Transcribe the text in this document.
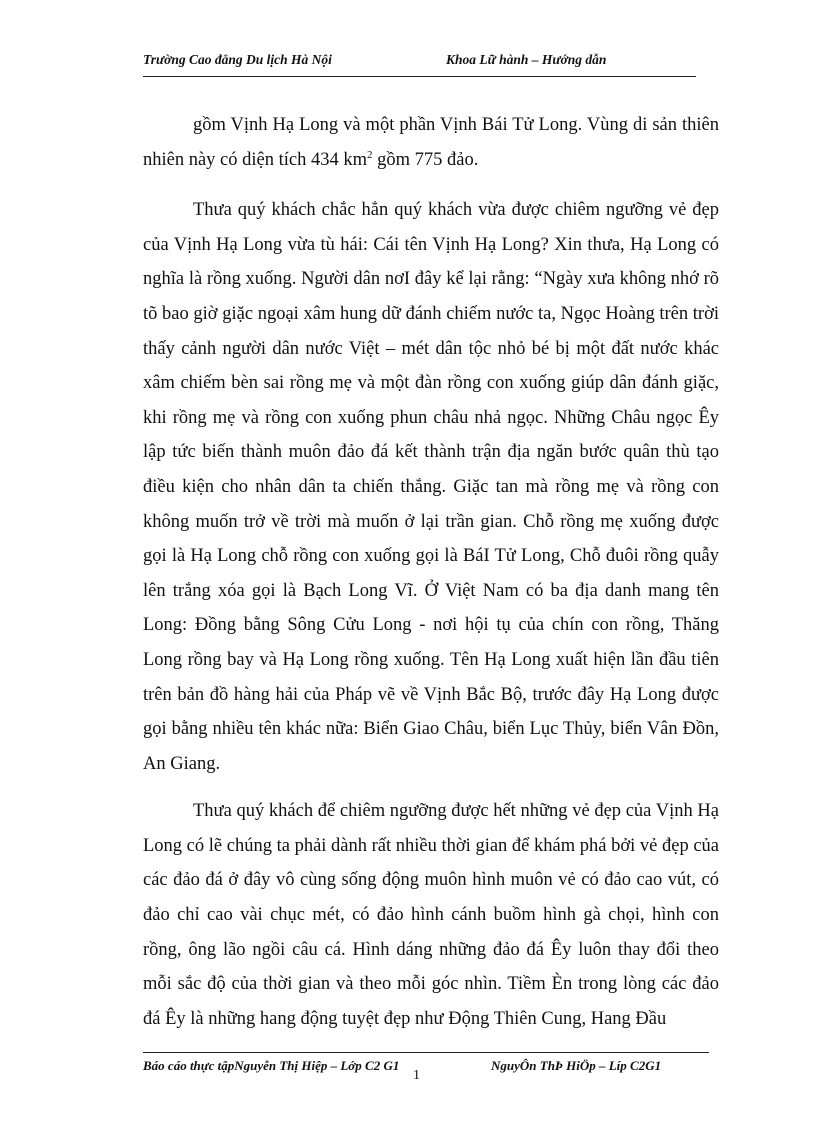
Trường Cao đẳng Du lịch Hà Nội	Khoa Lữ hành – Hướng dẫn

gồm Vịnh Hạ Long và một phần Vịnh Bái Tử Long. Vùng di sản thiên nhiên này có diện tích 434 $km^2$ gồm 775 đảo.

Thưa quý khách chắc hẳn quý khách vừa được chiêm ngưỡng vẻ đẹp của Vịnh Hạ Long vừa tù hái: Cái tên Vịnh Hạ Long? Xin thưa, Hạ Long có nghĩa là rồng xuống. Người dân nơI đây kể lại rằng: “Ngày xưa không nhớ rõ tõ bao giờ giặc ngoại xâm hung dữ đánh chiếm nước ta, Ngọc Hoàng trên trời thấy cảnh người dân nước Việt – mét dân tộc nhỏ bé bị một đất nước khác xâm chiếm bèn sai rồng mẹ và một đàn rồng con xuống giúp dân đánh giặc, khi rồng mẹ và rồng con xuống phun châu nhả ngọc. Những Châu ngọc Êy lập tức biến thành muôn đảo đá kết thành trận địa ngăn bước quân thù tạo điều kiện cho nhân dân ta chiến thắng. Giặc tan mà rồng mẹ và rồng con không muốn trở về trời mà muốn ở lại trần gian. Chỗ rồng mẹ xuống được gọi là Hạ Long chỗ rồng con xuống gọi là BáI Tử Long, Chỗ đuôi rồng quẫy lên trắng xóa gọi là Bạch Long Vĩ. Ở Việt Nam có ba địa danh mang tên Long: Đồng bằng Sông Cửu Long - nơi hội tụ của chín con rồng, Thăng Long rồng bay và Hạ Long rồng xuống. Tên Hạ Long xuất hiện lần đầu tiên trên bản đồ hàng hải của Pháp vẽ về Vịnh Bắc Bộ, trước đây Hạ Long được gọi bằng nhiều tên khác nữa: Biển Giao Châu, biển Lục Thủy, biển Vân Đồn, An Giang.

Thưa quý khách để chiêm ngưỡng được hết những vẻ đẹp của Vịnh Hạ Long có lẽ chúng ta phải dành rất nhiều thời gian để khám phá bởi vẻ đẹp của các đảo đá ở đây vô cùng sống động muôn hình muôn vẻ có đảo cao vút, có đảo chỉ cao vài chục mét, có đảo hình cánh buồm hình gà chọi, hình con rồng, ông lão ngồi câu cá. Hình dáng những đảo đá Êy luôn thay đổi theo mỗi sắc độ của thời gian và theo mỗi góc nhìn. Tiềm Èn trong lòng các đảo đá Êy là những hang động tuyệt đẹp như Động Thiên Cung, Hang Đầu

Báo cáo thực tậpNguyễn Thị Hiệp – Lớp C2 G1	NguyÔn ThÞ HiÖp – Líp C2G1
1
